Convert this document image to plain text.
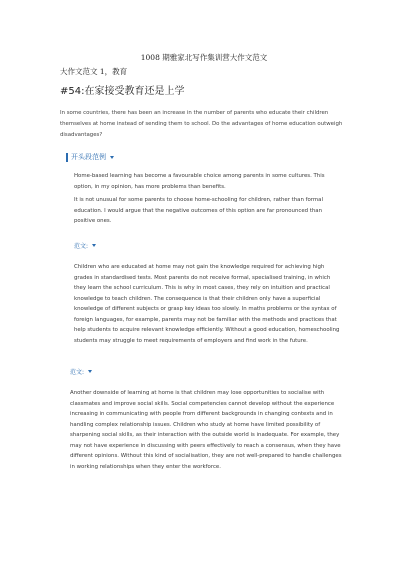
1008 期雅家北写作集训营大作文范文
大作文范文 1，教育
#54:在家接受教育还是上学
In some countries, there has been an increase in the number of parents who educate their children themselves at home instead of sending them to school. Do the advantages of home education outweigh disadvantages?
开头段范例

Home-based learning has become a favourable choice among parents in some cultures. This option, in my opinion, has more problems than benefits.

It is not unusual for some parents to choose home-schooling for children, rather than formal education. I would argue that the negative outcomes of this option are far pronounced than positive ones.

范文:

Children who are educated at home may not gain the knowledge required for achieving high grades in standardised tests. Most parents do not receive formal, specialised training, in which they learn the school curriculum. This is why in most cases, they rely on intuition and practical knowledge to teach children. The consequence is that their children only have a superficial knowledge of different subjects or grasp key ideas too slowly. In maths problems or the syntax of foreign languages, for example, parents may not be familiar with the methods and practices that help students to acquire relevant knowledge efficiently. Without a good education, homeschooling students may struggle to meet requirements of employers and find work in the future.

范文:

Another downside of learning at home is that children may lose opportunities to socialise with classmates and improve social skills. Social competencies cannot develop without the experience increasing in communicating with people from different backgrounds in changing contexts and in handling complex relationship issues. Children who study at home have limited possibility of sharpening social skills, as their interaction with the outside world is inadequate. For example, they may not have experience in discussing with peers effectively to reach a consensus, when they have different opinions. Without this kind of socialisation, they are not well-prepared to handle challenges in working relationships when they enter the workforce.
